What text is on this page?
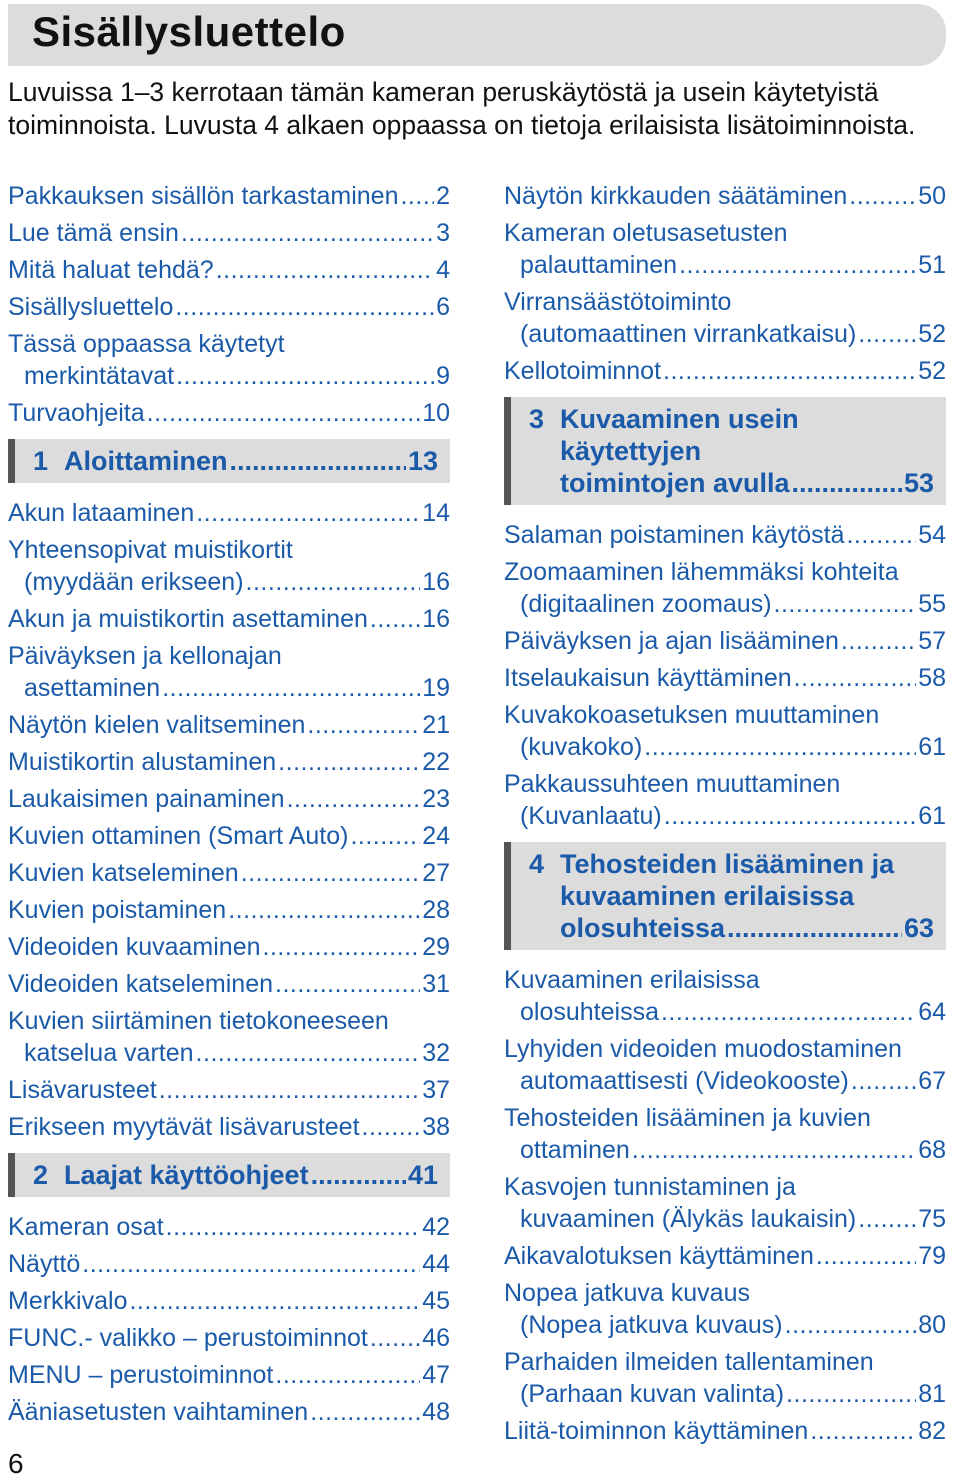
Sisällysluettelo
Luvuissa 1–3 kerrotaan tämän kameran peruskäytöstä ja usein käytetyistä toiminnoista. Luvusta 4 alkaen oppaassa on tietoja erilaisista lisätoiminnoista.
Pakkauksen sisällön tarkastaminen ..... 2
Lue tämä ensin .....	3
Mitä haluat tehdä? .....	4
Sisällysluettelo .....	6
Tässä oppaassa käytetyt
merkintätavat .....	9
Turvaohjeita .....	10
1 Aloittaminen .....	13
Akun lataaminen .....	14
Yhteensopivat muistikortit
(myydään erikseen) .....	16
Akun ja muistikortin asettaminen ..... 16
Päiväyksen ja kellonajan
asettaminen .....	19
Näytön kielen valitseminen .....	21
Muistikortin alustaminen .....	22
Laukaisimen painaminen .....	23
Kuvien ottaminen (Smart Auto) .....	24
Kuvien katseleminen .....	27
Kuvien poistaminen .....	28
Videoiden kuvaaminen .....	29
Videoiden katseleminen .....	31
Kuvien siirtäminen tietokoneeseen
katselua varten .....	32
Lisävarusteet .....	37
Erikseen myytävät lisävarusteet .....	38
2 Laajat käyttöohjeet .....	41
Kameran osat .....	42
Näyttö .....	44
Merkkivalo .....	45
FUNC.- valikko – perustoiminnot ..... 46
MENU – perustoiminnot .....	47
Ääniasetusten vaihtaminen .....	48
Näytön kirkkauden säätäminen .....	50
Kameran oletusasetusten
palauttaminen .....	51
Virransäästötoiminto
(automaattinen virrankatkaisu) ..... 52
Kellotoiminnot .....	52
3 Kuvaaminen usein käytettyjen
toimintojen avulla .....	53
Salaman poistaminen käytöstä .....	54
Zoomaaminen lähemmäksi kohteita
(digitaalinen zoomaus) .....	55
Päiväyksen ja ajan lisääminen .....	57
Itselaukaisun käyttäminen .....	58
Kuvakokoasetuksen muuttaminen
(kuvakoko) .....	61
Pakkaussuhteen muuttaminen
(Kuvanlaatu) .....	61
4 Tehosteiden lisääminen ja
kuvaaminen erilaisissa
olosuhteissa .....	63
Kuvaaminen erilaisissa
olosuhteissa .....	64
Lyhyiden videoiden muodostaminen
automaattisesti (Videokooste) .....	67
Tehosteiden lisääminen ja kuvien
ottaminen .....	68
Kasvojen tunnistaminen ja
kuvaaminen (Älykäs laukaisin) ..... 75
Aikavalotuksen käyttäminen .....	79
Nopea jatkuva kuvaus
(Nopea jatkuva kuvaus) .....	80
Parhaiden ilmeiden tallentaminen
(Parhaan kuvan valinta) .....	81
Liitä-toiminnon käyttäminen .....	82
6
